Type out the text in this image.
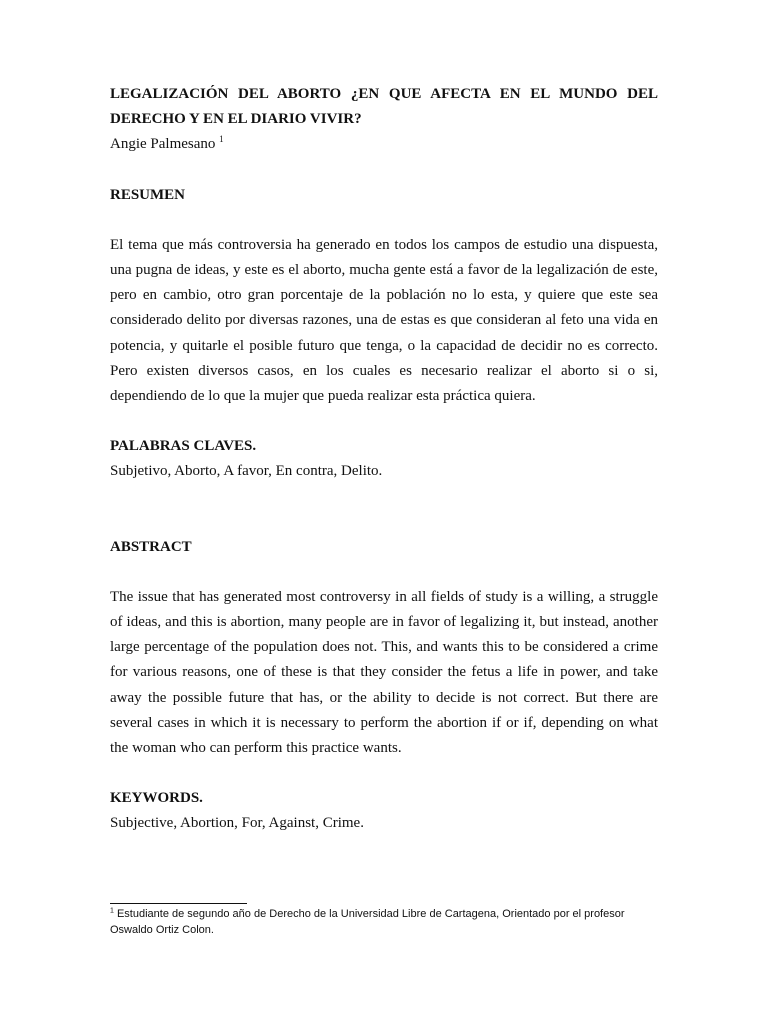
LEGALIZACIÓN DEL ABORTO ¿EN QUE AFECTA EN EL MUNDO DEL DERECHO Y EN EL DIARIO VIVIR?

Angie Palmesano $^1$

RESUMEN

El tema que más controversia ha generado en todos los campos de estudio una dispuesta, una pugna de ideas, y este es el aborto, mucha gente está a favor de la legalización de este, pero en cambio, otro gran porcentaje de la población no lo esta, y quiere que este sea considerado delito por diversas razones, una de estas es que consideran al feto una vida en potencia, y quitarle el posible futuro que tenga, o la capacidad de decidir no es correcto. Pero existen diversos casos, en los cuales es necesario realizar el aborto si o si, dependiendo de lo que la mujer que pueda realizar esta práctica quiera.

PALABRAS CLAVES.

Subjetivo, Aborto, A favor, En contra, Delito.

ABSTRACT

The issue that has generated most controversy in all fields of study is a willing, a struggle of ideas, and this is abortion, many people are in favor of legalizing it, but instead, another large percentage of the population does not. This, and wants this to be considered a crime for various reasons, one of these is that they consider the fetus a life in power, and take away the possible future that has, or the ability to decide is not correct. But there are several cases in which it is necessary to perform the abortion if or if, depending on what the woman who can perform this practice wants.

KEYWORDS.

Subjective, Abortion, For, Against, Crime.

$^1$ Estudiante de segundo año de Derecho de la Universidad Libre de Cartagena, Orientado por el profesor Oswaldo Ortiz Colon.
